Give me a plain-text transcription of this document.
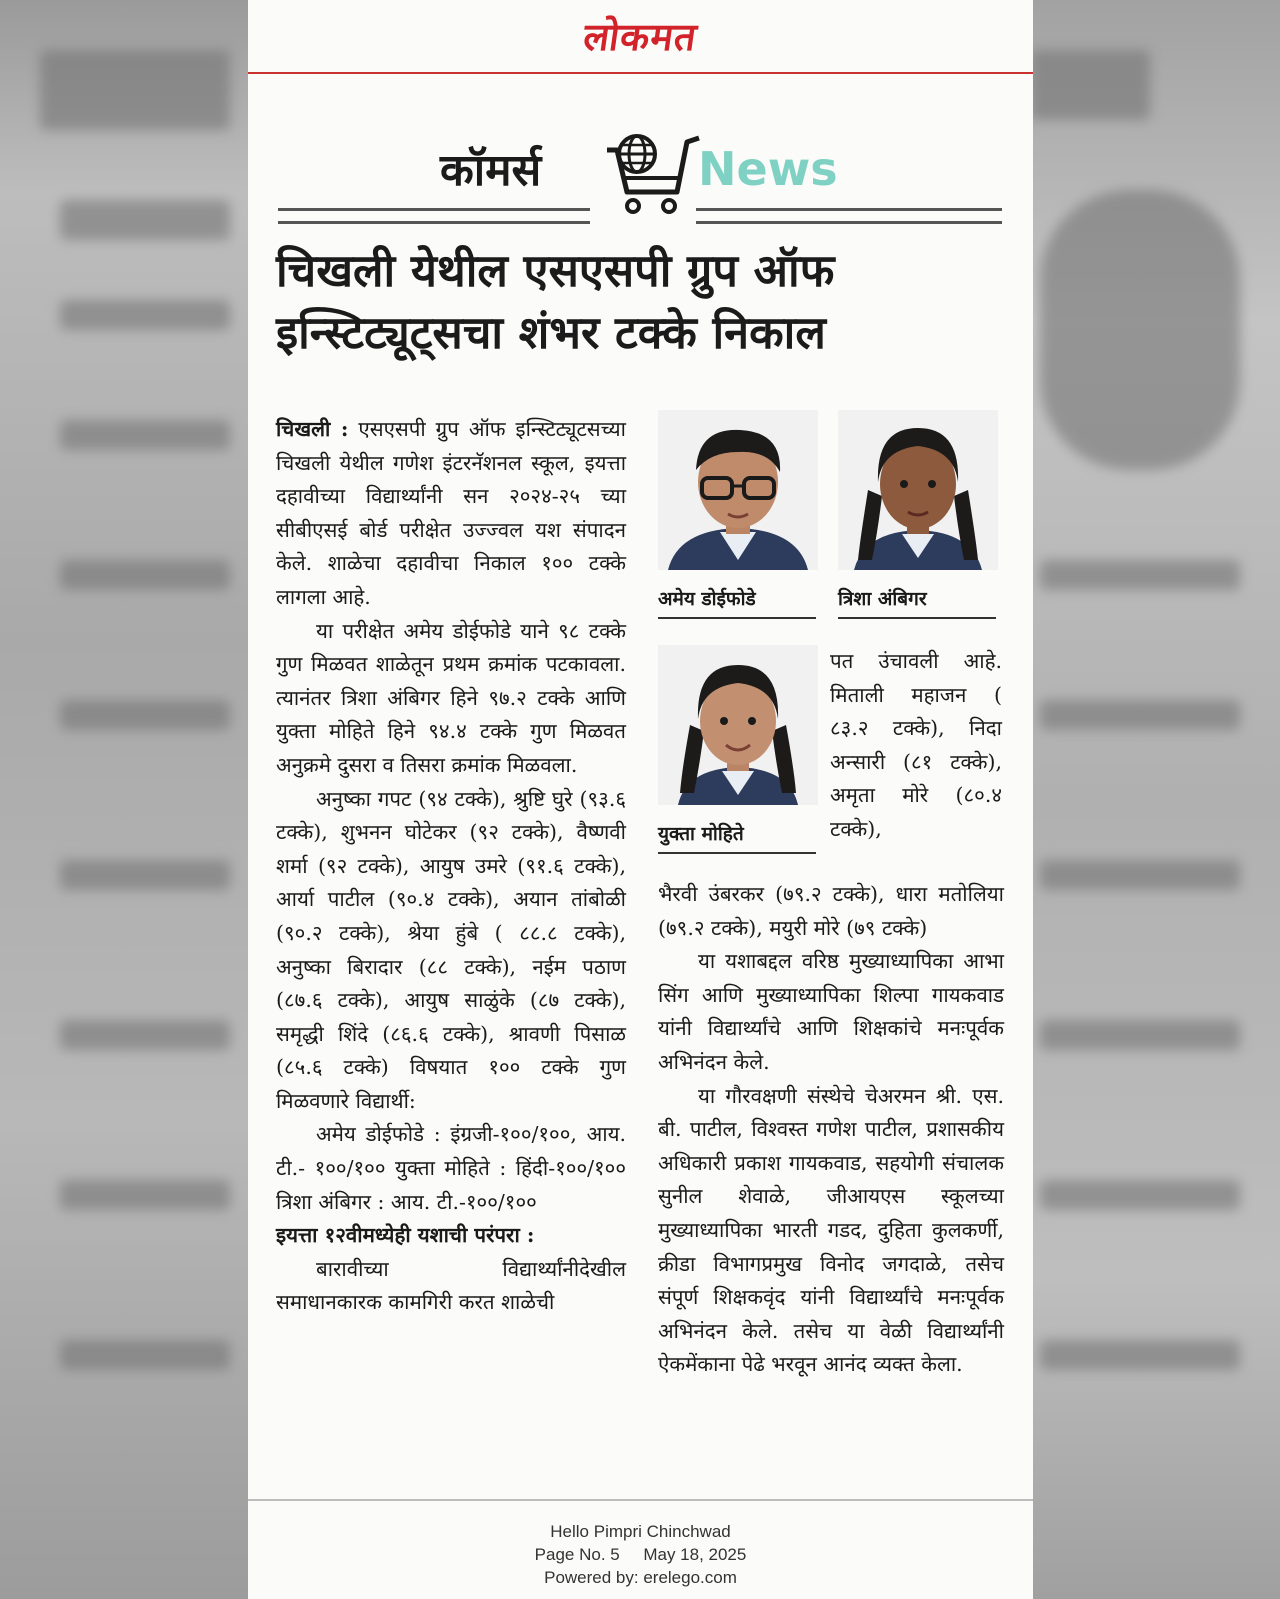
लोकमत
कॉमर्स	News
चिखली येथील एसएसपी ग्रुप ऑफ इन्स्टिट्यूट्सचा शंभर टक्के निकाल

चिखली : एसएसपी ग्रुप ऑफ इन्स्टिट्यूटसच्या चिखली येथील गणेश इंटरनॅशनल स्कूल, इयत्ता दहावीच्या विद्यार्थ्यांनी सन २०२४-२५ च्या सीबीएसई बोर्ड परीक्षेत उज्ज्वल यश संपादन केले. शाळेचा दहावीचा निकाल १०० टक्के लागला आहे.

या परीक्षेत अमेय डोईफोडे याने ९८ टक्के गुण मिळवत शाळेतून प्रथम क्रमांक पटकावला. त्यानंतर त्रिशा अंबिगर हिने ९७.२ टक्के आणि युक्ता मोहिते हिने ९४.४ टक्के गुण मिळवत अनुक्रमे दुसरा व तिसरा क्रमांक मिळवला.

अनुष्का गपट (९४ टक्के), श्रुष्टि घुरे (९३.६ टक्के), शुभनन घोटेकर (९२ टक्के), वैष्णवी शर्मा (९२ टक्के), आयुष उमरे (९१.६ टक्के), आर्या पाटील (९०.४ टक्के), अयान तांबोळी (९०.२ टक्के), श्रेया हुंबे ( ८८.८ टक्के), अनुष्का बिरादार (८८ टक्के), नईम पठाण (८७.६ टक्के), आयुष साळुंके (८७ टक्के), समृद्धी शिंदे (८६.६ टक्के), श्रावणी पिसाळ (८५.६ टक्के) विषयात १०० टक्के गुण मिळवणारे विद्यार्थी:

अमेय डोईफोडे : इंग्रजी-१००/१००, आय. टी.- १००/१०० युक्ता मोहिते : हिंदी-१००/१०० त्रिशा अंबिगर : आय. टी.-१००/१००

इयत्ता १२वीमध्येही यशाची परंपरा :

बारावीच्या विद्यार्थ्यांनीदेखील समाधानकारक कामगिरी करत शाळेची

अमेय डोईफोडे	त्रिशा अंबिगर
युक्ता मोहिते

पत उंचावली आहे. मिताली महाजन ( ८३.२ टक्के), निदा अन्सारी (८१ टक्के), अमृता मोरे (८०.४ टक्के),

भैरवी उंबरकर (७९.२ टक्के), धारा मतोलिया (७९.२ टक्के), मयुरी मोरे (७९ टक्के)

या यशाबद्दल वरिष्ठ मुख्याध्यापिका आभा सिंग आणि मुख्याध्यापिका शिल्पा गायकवाड यांनी विद्यार्थ्यांचे आणि शिक्षकांचे मनःपूर्वक अभिनंदन केले.

या गौरवक्षणी संस्थेचे चेअरमन श्री. एस. बी. पाटील, विश्वस्त गणेश पाटील, प्रशासकीय अधिकारी प्रकाश गायकवाड, सहयोगी संचालक सुनील शेवाळे, जीआयएस स्कूलच्या मुख्याध्यापिका भारती गडद, दुहिता कुलकर्णी, क्रीडा विभागप्रमुख विनोद जगदाळे, तसेच संपूर्ण शिक्षकवृंद यांनी विद्यार्थ्यांचे मनःपूर्वक अभिनंदन केले. तसेच या वेळी विद्यार्थ्यांनी ऐकमेंकाना पेढे भरवून आनंद व्यक्त केला.

Hello Pimpri Chinchwad
Page No. 5     May 18, 2025
Powered by: erelego.com
